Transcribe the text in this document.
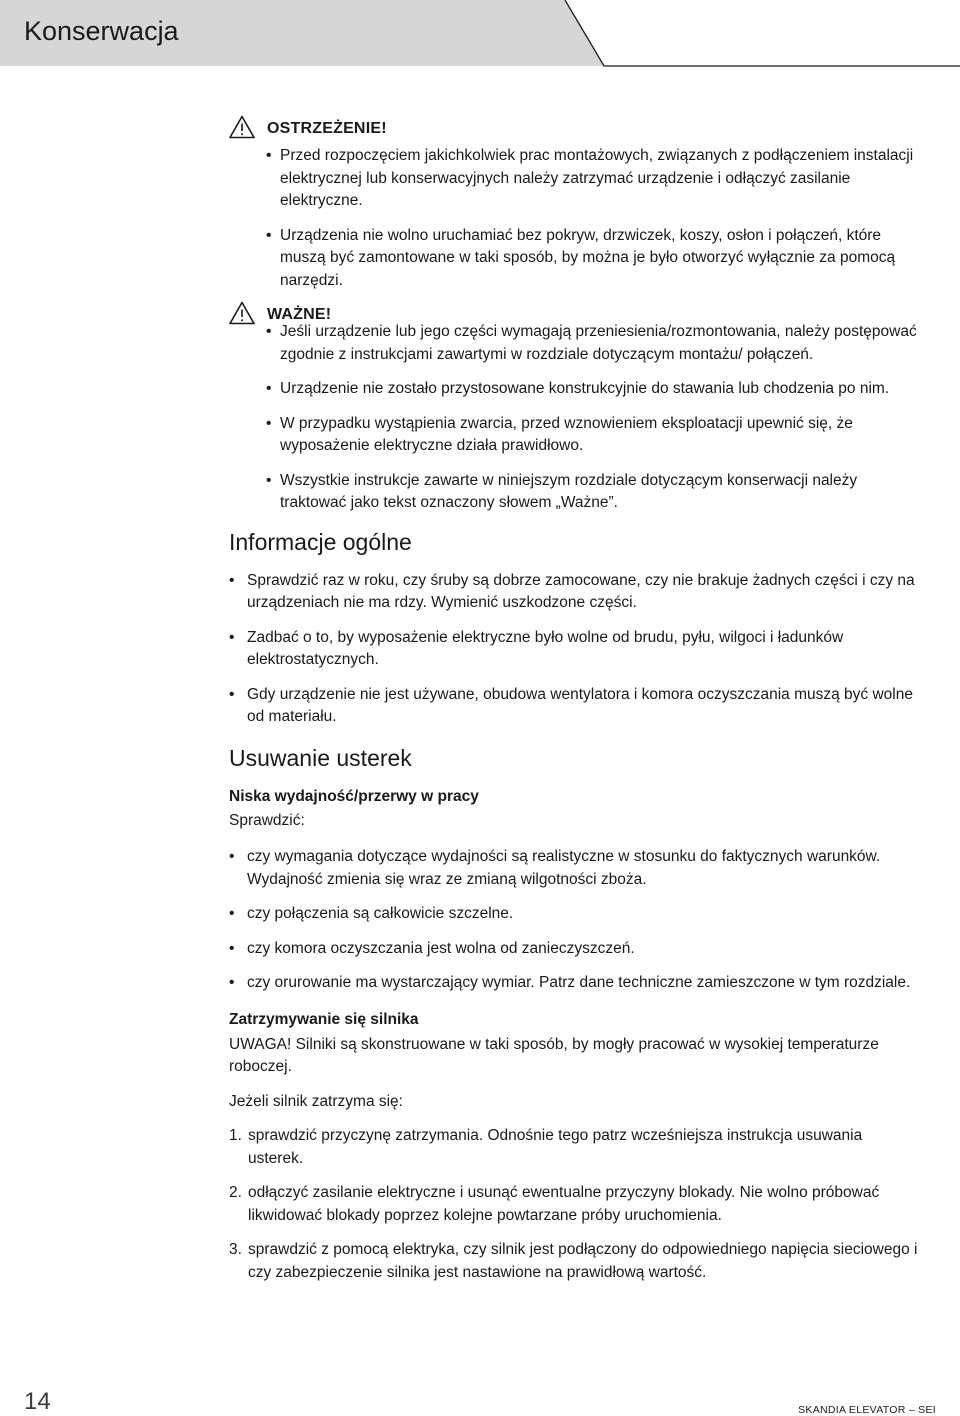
Konserwacja
OSTRZEŻENIE!
• Przed rozpoczęciem jakichkolwiek prac montażowych, związanych z podłączeniem instalacji elektrycznej lub konserwacyjnych należy zatrzymać urządzenie i odłączyć zasilanie elektryczne.
• Urządzenia nie wolno uruchamiać bez pokryw, drzwiczek, koszy, osłon i połączeń, które muszą być zamontowane w taki sposób, by można je było otworzyć wyłącznie za pomocą narzędzi.
WAŻNE!
• Jeśli urządzenie lub jego części wymagają przeniesienia/rozmontowania, należy postępować zgodnie z instrukcjami zawartymi w rozdziale dotyczącym montażu/ połączeń.
• Urządzenie nie zostało przystosowane konstrukcyjnie do stawania lub chodzenia po nim.
• W przypadku wystąpienia zwarcia, przed wznowieniem eksploatacji upewnić się, że wyposażenie elektryczne działa prawidłowo.
• Wszystkie instrukcje zawarte w niniejszym rozdziale dotyczącym konserwacji należy traktować jako tekst oznaczony słowem „Ważne”.
Informacje ogólne
• Sprawdzić raz w roku, czy śruby są dobrze zamocowane, czy nie brakuje żadnych części i czy na urządzeniach nie ma rdzy. Wymienić uszkodzone części.
• Zadbać o to, by wyposażenie elektryczne było wolne od brudu, pyłu, wilgoci i ładunków elektrostatycznych.
• Gdy urządzenie nie jest używane, obudowa wentylatora i komora oczyszczania muszą być wolne od materiału.
Usuwanie usterek
Niska wydajność/przerwy w pracy

Sprawdzić:

• czy wymagania dotyczące wydajności są realistyczne w stosunku do faktycznych warunków. Wydajność zmienia się wraz ze zmianą wilgotności zboża.
• czy połączenia są całkowicie szczelne.
• czy komora oczyszczania jest wolna od zanieczyszczeń.
• czy orurowanie ma wystarczający wymiar. Patrz dane techniczne zamieszczone w tym rozdziale.
Zatrzymywanie się silnika

UWAGA! Silniki są skonstruowane w taki sposób, by mogły pracować w wysokiej temperaturze roboczej.

Jeżeli silnik zatrzyma się:

1. sprawdzić przyczynę zatrzymania. Odnośnie tego patrz wcześniejsza instrukcja usuwania usterek.
2. odłączyć zasilanie elektryczne i usunąć ewentualne przyczyny blokady. Nie wolno próbować likwidować blokady poprzez kolejne powtarzane próby uruchomienia.
3. sprawdzić z pomocą elektryka, czy silnik jest podłączony do odpowiedniego napięcia sieciowego i czy zabezpieczenie silnika jest nastawione na prawidłową wartość.
14	SKANDIA ELEVATOR – SEI
